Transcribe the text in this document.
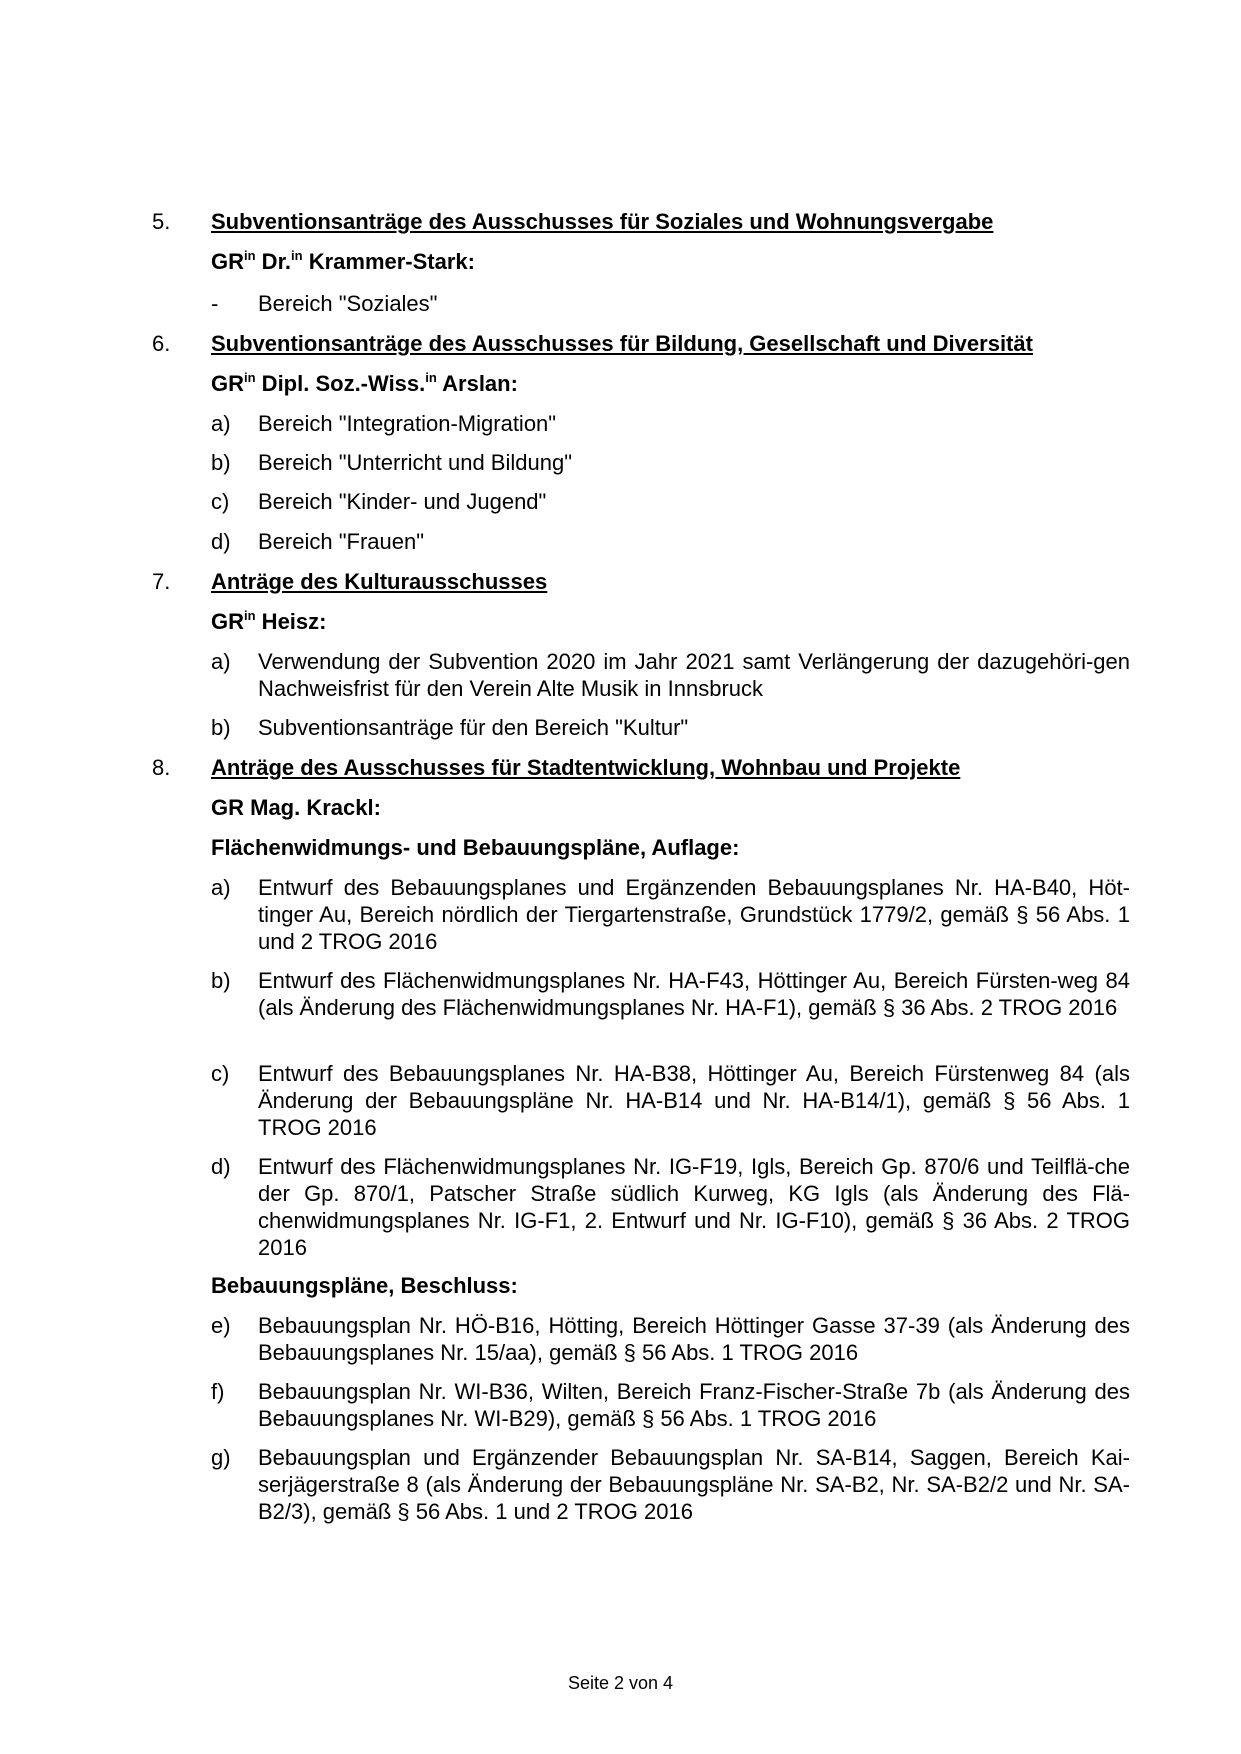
5.	Subventionsanträge des Ausschusses für Soziales und Wohnungsvergabe
$GR^{in}$ Dr.$^{in}$ Krammer-Stark:
-	Bereich "Soziales"
6.	Subventionsanträge des Ausschusses für Bildung, Gesellschaft und Diversität
$GR^{in}$ Dipl. Soz.-Wiss.$^{in}$ Arslan:
a)	Bereich "Integration-Migration"
b)	Bereich "Unterricht und Bildung"
c)	Bereich "Kinder- und Jugend"
d)	Bereich "Frauen"
7.	Anträge des Kulturausschusses
$GR^{in}$ Heisz:
a)	Verwendung der Subvention 2020 im Jahr 2021 samt Verlängerung der dazugehöri-gen Nachweisfrist für den Verein Alte Musik in Innsbruck
b)	Subventionsanträge für den Bereich "Kultur"
8.	Anträge des Ausschusses für Stadtentwicklung, Wohnbau und Projekte
GR Mag. Krackl:
Flächenwidmungs- und Bebauungspläne, Auflage:
a)	Entwurf des Bebauungsplanes und Ergänzenden Bebauungsplanes Nr. HA-B40, Höt-tinger Au, Bereich nördlich der Tiergartenstraße, Grundstück 1779/2, gemäß § 56 Abs. 1 und 2 TROG 2016
b)	Entwurf des Flächenwidmungsplanes Nr. HA-F43, Höttinger Au, Bereich Fürsten-weg 84 (als Änderung des Flächenwidmungsplanes Nr. HA-F1), gemäß § 36 Abs. 2 TROG 2016
c)	Entwurf des Bebauungsplanes Nr. HA-B38, Höttinger Au, Bereich Fürstenweg 84 (als Änderung der Bebauungspläne Nr. HA-B14 und Nr. HA-B14/1), gemäß § 56 Abs. 1 TROG 2016
d)	Entwurf des Flächenwidmungsplanes Nr. IG-F19, Igls, Bereich Gp. 870/6 und Teilflä-che der Gp. 870/1, Patscher Straße südlich Kurweg, KG Igls (als Änderung des Flä-chenwidmungsplanes Nr. IG-F1, 2. Entwurf und Nr. IG-F10), gemäß § 36 Abs. 2 TROG 2016
Bebauungspläne, Beschluss:
e)	Bebauungsplan Nr. HÖ-B16, Hötting, Bereich Höttinger Gasse 37-39 (als Änderung des Bebauungsplanes Nr. 15/aa), gemäß § 56 Abs. 1 TROG 2016
f)	Bebauungsplan Nr. WI-B36, Wilten, Bereich Franz-Fischer-Straße 7b (als Änderung des Bebauungsplanes Nr. WI-B29), gemäß § 56 Abs. 1 TROG 2016
g)	Bebauungsplan und Ergänzender Bebauungsplan Nr. SA-B14, Saggen, Bereich Kai-serjägerstraße 8 (als Änderung der Bebauungspläne Nr. SA-B2, Nr. SA-B2/2 und Nr. SA-B2/3), gemäß § 56 Abs. 1 und 2 TROG 2016
Seite 2 von 4
